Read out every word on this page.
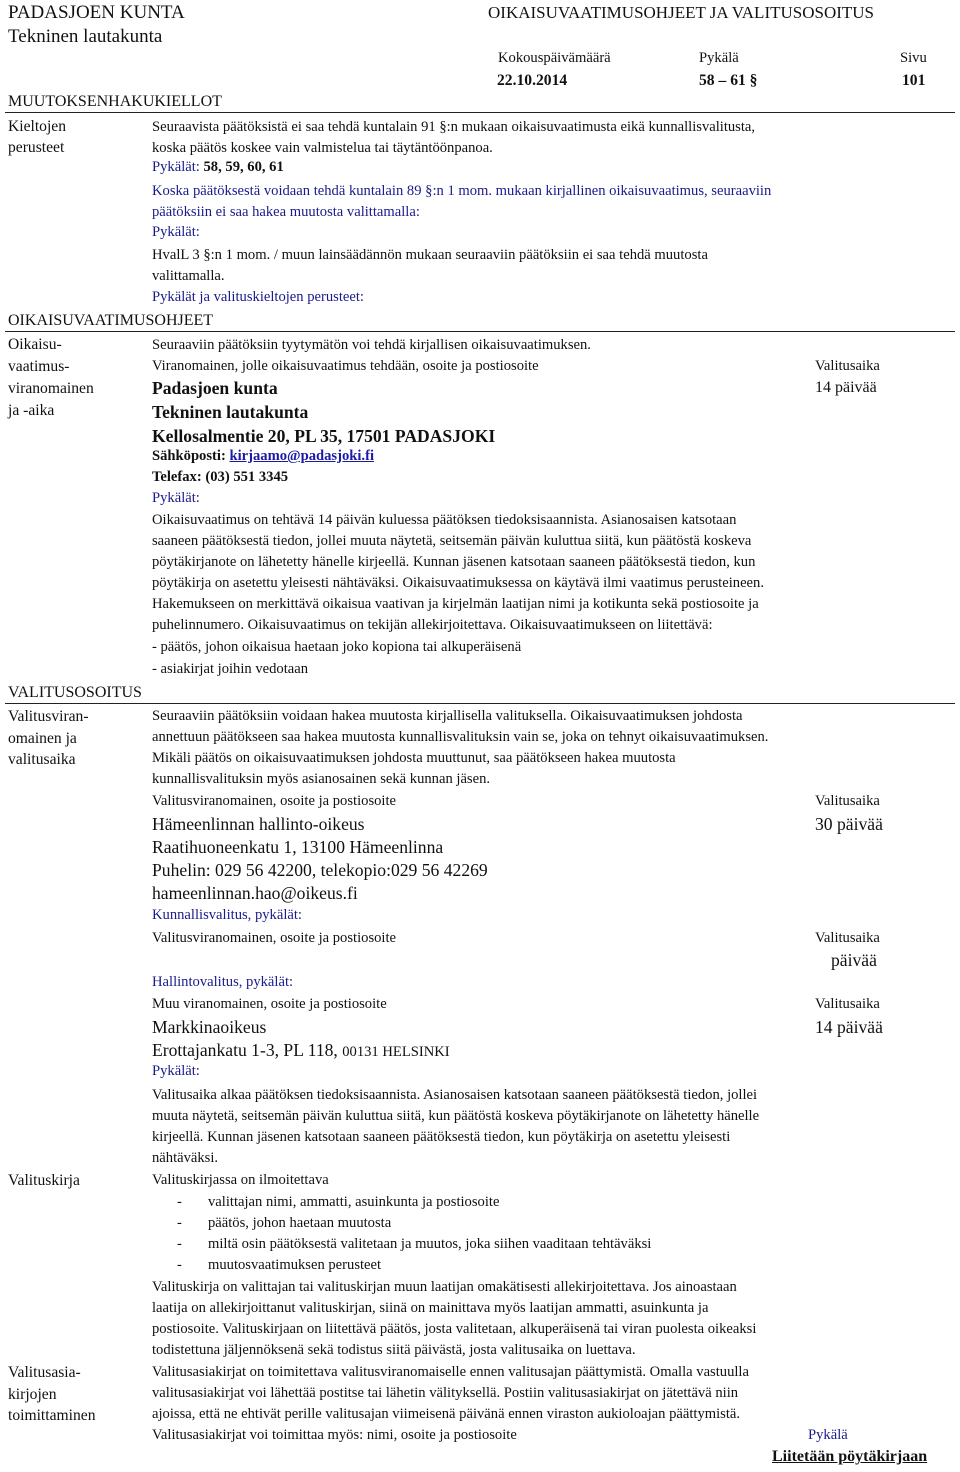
PADASJOEN KUNTA
Tekninen lautakunta
OIKAISUVAATIMUSOHJEET JA VALITUSOSOITUS
Kokouspäivämäärä	Pykälä	Sivu
22.10.2014	58 – 61 §	101
MUUTOKSENHAKUKIELLOT
Kieltojen
perusteet
Seuraavista päätöksistä ei saa tehdä kuntalain 91 §:n mukaan oikaisuvaatimusta eikä kunnallisvalitusta,
koska päätös koskee vain valmistelua tai täytäntöönpanoa.
Pykälät: 58, 59, 60, 61
Koska päätöksestä voidaan tehdä kuntalain 89 §:n 1 mom. mukaan kirjallinen oikaisuvaatimus, seuraaviin
päätöksiin ei saa hakea muutosta valittamalla:
Pykälät:
HvalL 3 §:n 1 mom. / muun lainsäädännön mukaan seuraaviin päätöksiin ei saa tehdä muutosta
valittamalla.
Pykälät ja valituskieltojen perusteet:
OIKAISUVAATIMUSOHJEET
Oikaisu-
vaatimus-
viranomainen
ja -aika
Seuraaviin päätöksiin tyytymätön voi tehdä kirjallisen oikaisuvaatimuksen.
Viranomainen, jolle oikaisuvaatimus tehdään, osoite ja postiosoite	Valitusaika
14 päivää
Padasjoen kunta
Tekninen lautakunta
Kellosalmentie 20, PL 35, 17501 PADASJOKI
Sähköposti: kirjaamo@padasjoki.fi
Telefax: (03) 551 3345
Pykälät:
Oikaisuvaatimus on tehtävä 14 päivän kuluessa päätöksen tiedoksisaannista. Asianosaisen katsotaan
saaneen päätöksestä tiedon, jollei muuta näytetä, seitsemän päivän kuluttua siitä, kun päätöstä koskeva
pöytäkirjanote on lähetetty hänelle kirjeellä. Kunnan jäsenen katsotaan saaneen päätöksestä tiedon, kun
pöytäkirja on asetettu yleisesti nähtäväksi. Oikaisuvaatimuksessa on käytävä ilmi vaatimus perusteineen.
Hakemukseen on merkittävä oikaisua vaativan ja kirjelmän laatijan nimi ja kotikunta sekä postiosoite ja
puhelinnumero. Oikaisuvaatimus on tekijän allekirjoitettava. Oikaisuvaatimukseen on liitettävä:
- päätös, johon oikaisua haetaan joko kopiona tai alkuperäisenä
- asiakirjat joihin vedotaan
VALITUSOSOITUS
Valitusviran-
omainen ja
valitusaika
Seuraaviin päätöksiin voidaan hakea muutosta kirjallisella valituksella. Oikaisuvaatimuksen johdosta
annettuun päätökseen saa hakea muutosta kunnallisvalituksin vain se, joka on tehnyt oikaisuvaatimuksen.
Mikäli päätös on oikaisuvaatimuksen johdosta muuttunut, saa päätökseen hakea muutosta
kunnallisvalituksin myös asianosainen sekä kunnan jäsen.
Valitusviranomainen, osoite ja postiosoite	Valitusaika
30 päivää
Hämeenlinnan hallinto-oikeus
Raatihuoneenkatu 1, 13100 Hämeenlinna
Puhelin: 029 56 42200, telekopio:029 56 42269
hameenlinnan.hao@oikeus.fi
Kunnallisvalitus, pykälät:
Valitusviranomainen, osoite ja postiosoite	Valitusaika
päivää
Hallintovalitus, pykälät:
Muu viranomainen, osoite ja postiosoite	Valitusaika
14 päivää
Markkinaoikeus
Erottajankatu 1-3, PL 118, 00131 HELSINKI
Pykälät:
Valitusaika alkaa päätöksen tiedoksisaannista. Asianosaisen katsotaan saaneen päätöksestä tiedon, jollei
muuta näytetä, seitsemän päivän kuluttua siitä, kun päätöstä koskeva pöytäkirjanote on lähetetty hänelle
kirjeellä. Kunnan jäsenen katsotaan saaneen päätöksestä tiedon, kun pöytäkirja on asetettu yleisesti
nähtäväksi.
Valituskirja	Valituskirjassa on ilmoitettava
- valittajan nimi, ammatti, asuinkunta ja postiosoite
- päätös, johon haetaan muutosta
- miltä osin päätöksestä valitetaan ja muutos, joka siihen vaaditaan tehtäväksi
- muutosvaatimuksen perusteet
Valituskirja on valittajan tai valituskirjan muun laatijan omakätisesti allekirjoitettava. Jos ainoastaan
laatija on allekirjoittanut valituskirjan, siinä on mainittava myös laatijan ammatti, asuinkunta ja
postiosoite. Valituskirjaan on liitettävä päätös, josta valitetaan, alkuperäisenä tai viran puolesta oikeaksi
todistettuna jäljennöksenä sekä todistus siitä päivästä, josta valitusaika on luettava.
Valitusasia-
kirjojen
toimittaminen
Valitusasiakirjat on toimitettava valitusviranomaiselle ennen valitusajan päättymistä. Omalla vastuulla
valitusasiakirjat voi lähettää postitse tai lähetin välityksellä. Postiin valitusasiakirjat on jätettävä niin
ajoissa, että ne ehtivät perille valitusajan viimeisenä päivänä ennen viraston aukioloajan päättymistä.
Valitusasiakirjat voi toimittaa myös: nimi, osoite ja postiosoite	Pykälä
Liitetään pöytäkirjaan
